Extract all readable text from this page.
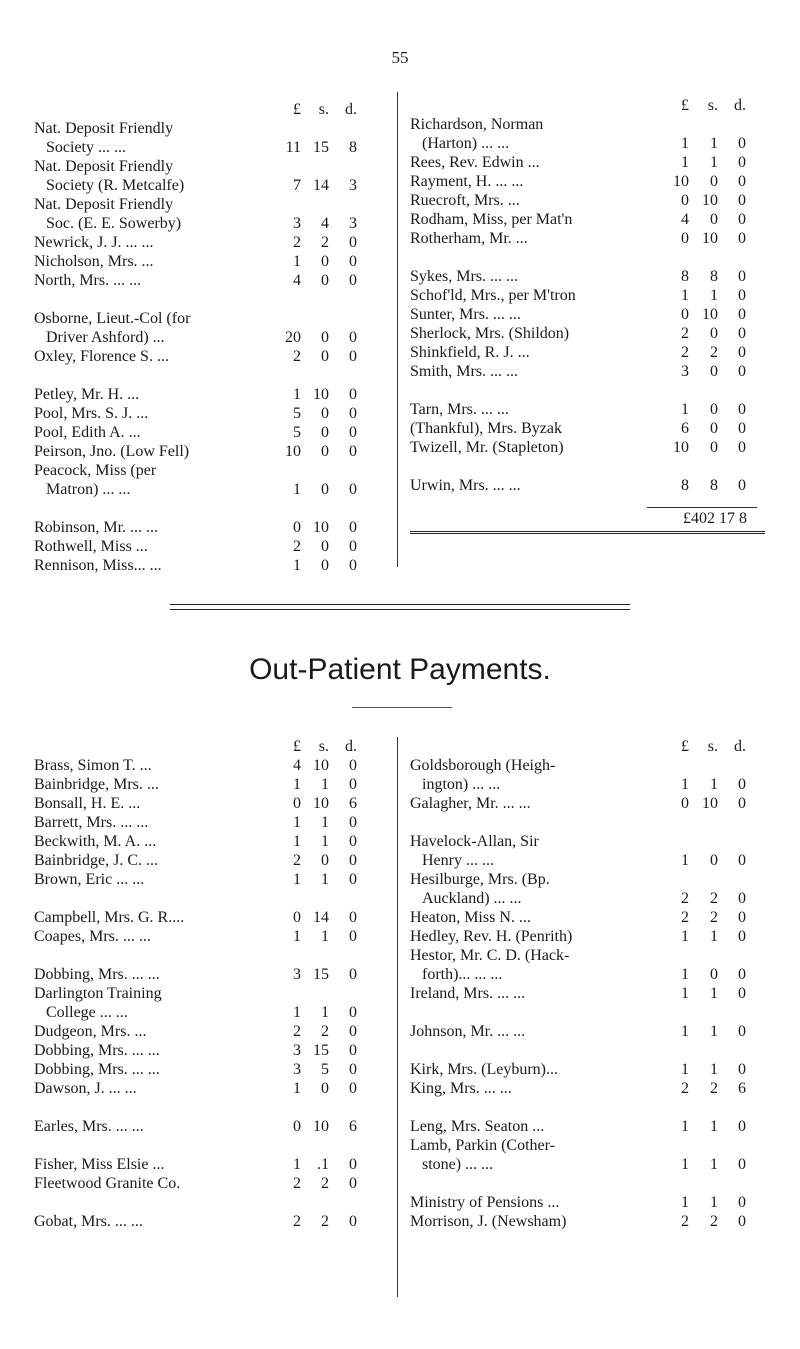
55
£	s.	d.
Nat. Deposit Friendly
Society ... ...	11 15	8
Nat. Deposit Friendly
Society (R. Metcalfe)	7 14	3
Nat. Deposit Friendly
Soc. (E. E. Sowerby)	3	4	3
Newrick, J. J. ... ...	2	2	0
Nicholson, Mrs. ...	1	0	0
North, Mrs. ... ...	4	0	0
Osborne, Lieut.-Col (for
Driver Ashford) ...	20	0	0
Oxley, Florence S. ...	2	0	0
Petley, Mr. H. ...	1 10	0
Pool, Mrs. S. J. ...	5	0	0
Pool, Edith A. ...	5	0	0
Peirson, Jno. (Low Fell)	10	0	0
Peacock, Miss (per
Matron) ... ...	1	0	0
Robinson, Mr. ... ...	0 10	0
Rothwell, Miss ...	2	0	0
Rennison, Miss... ...	1	0	0
£	s.	d.
Richardson, Norman
(Harton) ... ...	1	1	0
Rees, Rev. Edwin ...	1	1	0
Rayment, H. ... ...	10	0	0
Ruecroft, Mrs. ...	0 10	0
Rodham, Miss, per Mat'n	4	0	0
Rotherham, Mr. ...	0 10	0
Sykes, Mrs. ... ...	8	8	0
Schof'ld, Mrs., per M'tron	1	1	0
Sunter, Mrs. ... ...	0 10	0
Sherlock, Mrs. (Shildon)	2	0	0
Shinkfield, R. J. ...	2	2	0
Smith, Mrs. ... ...	3	0	0
Tarn, Mrs. ... ...	1	0	0
(Thankful), Mrs. Byzak	6	0	0
Twizell, Mr. (Stapleton)	10	0	0
Urwin, Mrs. ... ...	8	8	0
£402 17 8
Out-Patient Payments.
£	s.	d.
Brass, Simon T. ...	4 10	0
Bainbridge, Mrs. ...	1	1	0
Bonsall, H. E. ...	0 10	6
Barrett, Mrs. ... ...	1	1	0
Beckwith, M. A. ...	1	1	0
Bainbridge, J. C. ...	2	0	0
Brown, Eric ... ...	1	1	0
Campbell, Mrs. G. R....	0 14	0
Coapes, Mrs. ... ...	1	1	0
Dobbing, Mrs. ... ...	3 15	0
Darlington Training
College ... ...	1	1	0
Dudgeon, Mrs. ...	2	2	0
Dobbing, Mrs. ... ...	3 15	0
Dobbing, Mrs. ... ...	3	5	0
Dawson, J. ... ...	1	0	0
Earles, Mrs. ... ...	0 10	6
Fisher, Miss Elsie ...	1	.1	0
Fleetwood Granite Co.	2	2	0
Gobat, Mrs. ... ...	2	2	0
£	s.	d.
Goldsborough (Heigh-
ington) ... ...	1	1	0
Galagher, Mr. ... ...	0 10	0
Havelock-Allan, Sir
Henry ... ...	1	0	0
Hesilburge, Mrs. (Bp.
Auckland) ... ...	2	2	0
Heaton, Miss N. ...	2	2	0
Hedley, Rev. H. (Penrith)	1	1	0
Hestor, Mr. C. D. (Hack-
forth)... ... ...	1	0	0
Ireland, Mrs. ... ...	1	1	0
Johnson, Mr. ... ...	1	1	0
Kirk, Mrs. (Leyburn)...	1	1	0
King, Mrs. ... ...	2	2	6
Leng, Mrs. Seaton ...	1	1	0
Lamb, Parkin (Cother-
stone) ... ...	1	1	0
Ministry of Pensions ...	1	1	0
Morrison, J. (Newsham)	2	2	0
